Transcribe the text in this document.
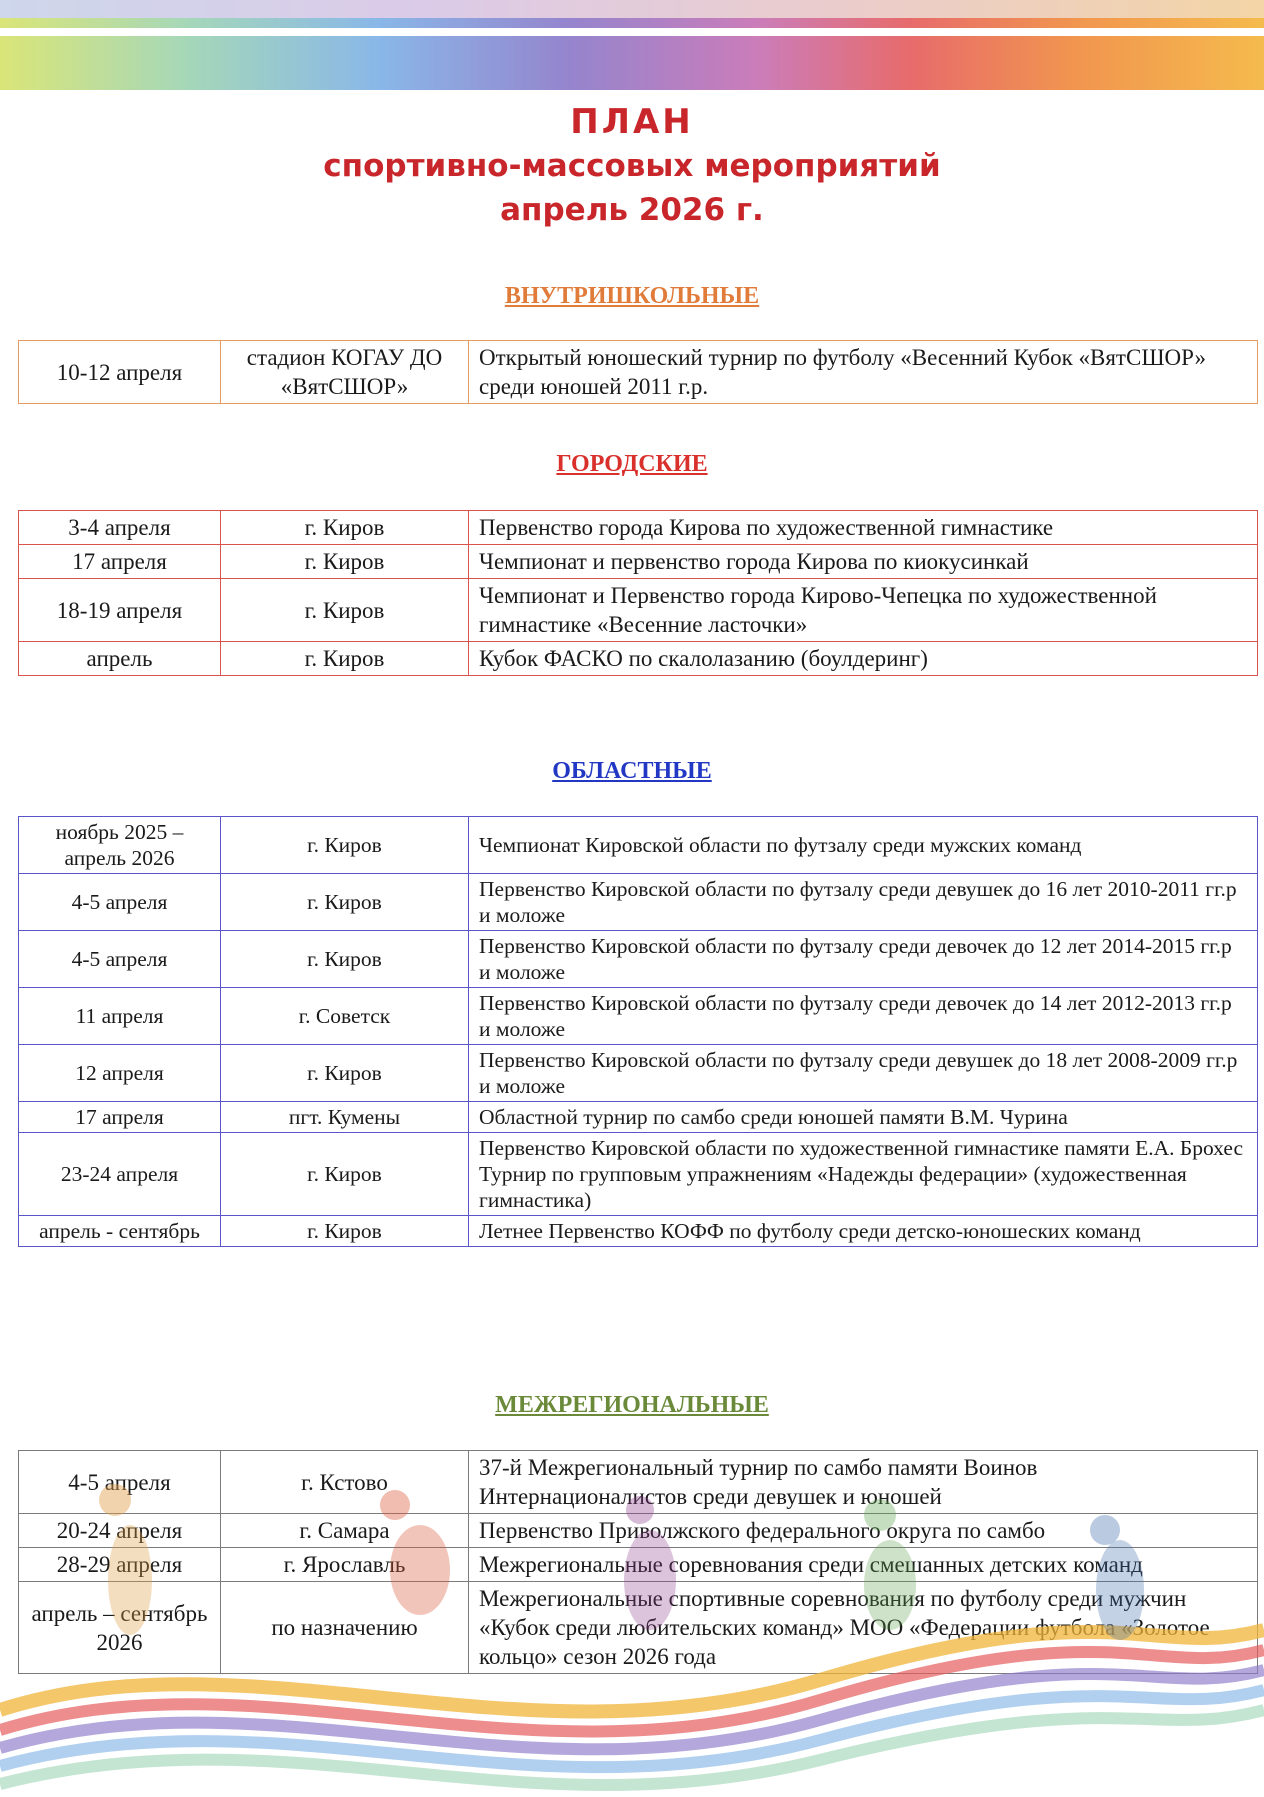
ПЛАН
спортивно-массовых мероприятий
апрель 2026 г.
ВНУТРИШКОЛЬНЫЕ
10-12 апреля	стадион КОГАУ ДО «ВятСШОР»	Открытый юношеский турнир по футболу «Весенний Кубок «ВятСШОР» среди юношей 2011 г.р.
ГОРОДСКИЕ
3-4 апреля	г. Киров	Первенство города Кирова по художественной гимнастике
17 апреля	г. Киров	Чемпионат и первенство города Кирова по киокусинкай
18-19 апреля	г. Киров	Чемпионат и Первенство города Кирово-Чепецка по художественной гимнастике «Весенние ласточки»
апрель	г. Киров	Кубок ФАСКО по скалолазанию (боулдеринг)
ОБЛАСТНЫЕ
ноябрь 2025 – апрель 2026	г. Киров	Чемпионат Кировской области по футзалу среди мужских команд
4-5 апреля	г. Киров	Первенство Кировской области по футзалу среди девушек до 16 лет 2010-2011 гг.р и моложе
4-5 апреля	г. Киров	Первенство Кировской области по футзалу среди девочек до 12 лет 2014-2015 гг.р и моложе
11 апреля	г. Советск	Первенство Кировской области по футзалу среди девочек до 14 лет 2012-2013 гг.р и моложе
12 апреля	г. Киров	Первенство Кировской области по футзалу среди девушек до 18 лет 2008-2009 гг.р и моложе
17 апреля	пгт. Кумены	Областной турнир по самбо среди юношей памяти В.М. Чурина
23-24 апреля	г. Киров	Первенство Кировской области по художественной гимнастике памяти Е.А. Брохес Турнир по групповым упражнениям «Надежды федерации» (художественная гимнастика)
апрель - сентябрь	г. Киров	Летнее Первенство КОФФ по футболу среди детско-юношеских команд
МЕЖРЕГИОНАЛЬНЫЕ
4-5 апреля	г. Кстово	37-й Межрегиональный турнир по самбо памяти Воинов Интернационалистов среди девушек и юношей
20-24 апреля	г. Самара	Первенство Приволжского федерального округа по самбо
28-29 апреля	г. Ярославль	Межрегиональные соревнования среди смешанных детских команд
апрель – сентябрь 2026	по назначению	Межрегиональные спортивные соревнования по футболу среди мужчин «Кубок среди любительских команд» МОО «Федерации футбола «Золотое кольцо» сезон 2026 года
